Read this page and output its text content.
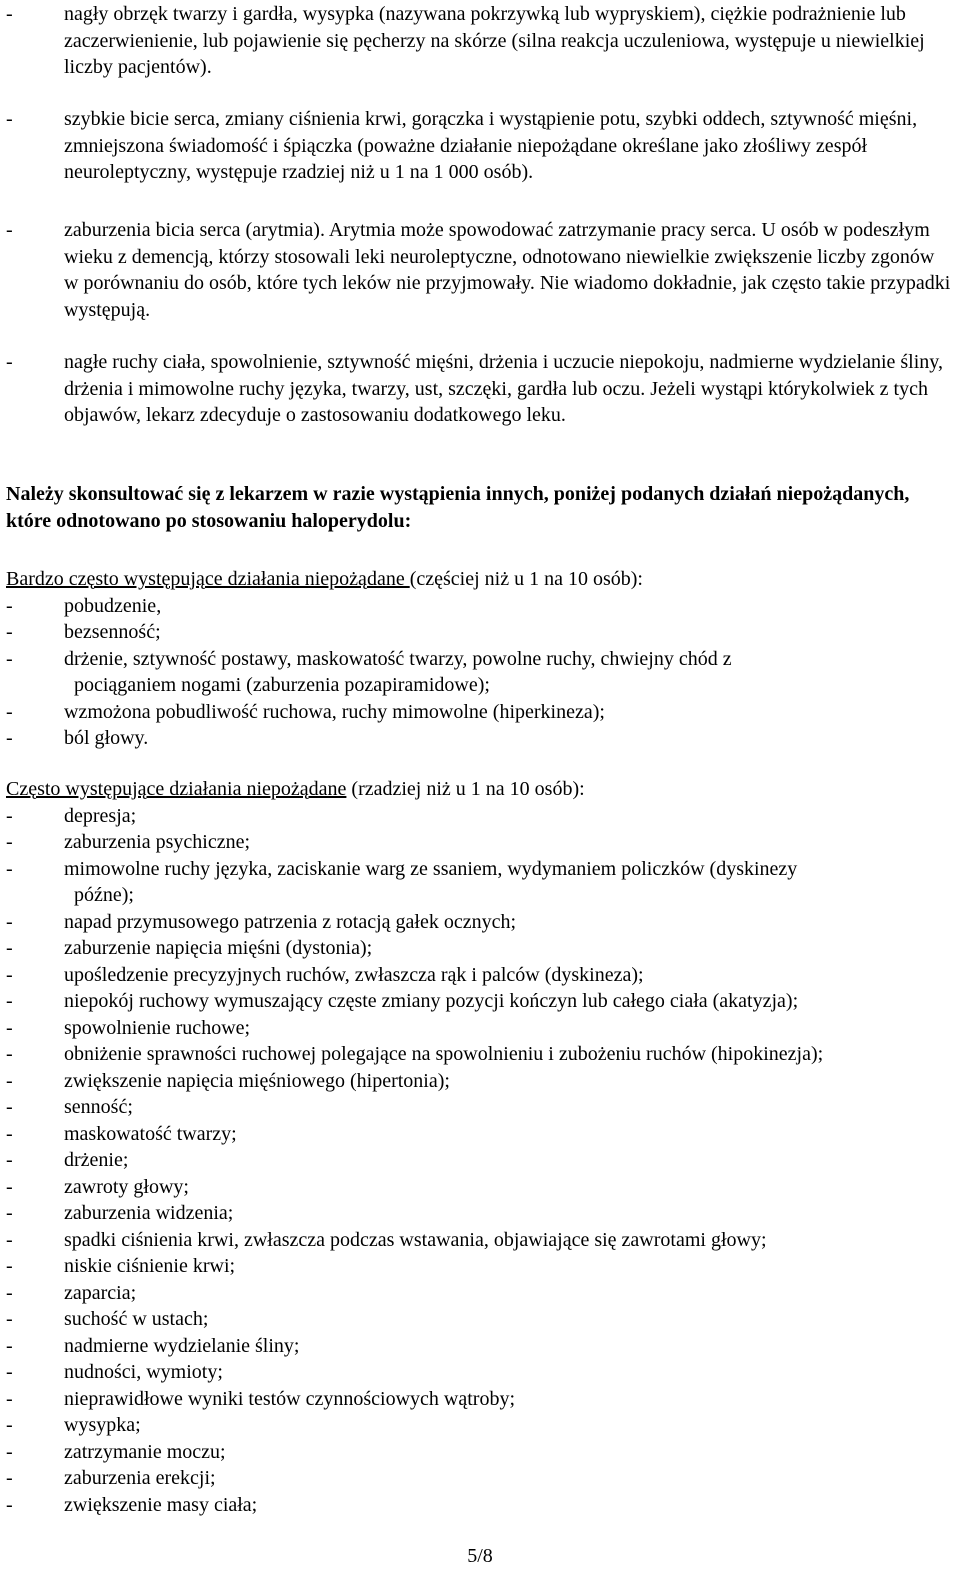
-	nagły obrzęk twarzy i gardła, wysypka (nazywana pokrzywką lub wypryskiem), ciężkie podrażnienie lub zaczerwienienie, lub pojawienie się pęcherzy na skórze (silna reakcja uczuleniowa, występuje u niewielkiej liczby pacjentów).
-	szybkie bicie serca, zmiany ciśnienia krwi, gorączka i wystąpienie potu, szybki oddech, sztywność mięśni, zmniejszona świadomość i śpiączka (poważne działanie niepożądane określane jako złośliwy zespół neuroleptyczny, występuje rzadziej niż u 1 na 1 000 osób).
-	zaburzenia bicia serca (arytmia). Arytmia może spowodować zatrzymanie pracy serca. U osób w podeszłym wieku z demencją, którzy stosowali leki neuroleptyczne, odnotowano niewielkie zwiększenie liczby zgonów w porównaniu do osób, które tych leków nie przyjmowały. Nie wiadomo dokładnie, jak często takie przypadki występują.
-	nagłe ruchy ciała, spowolnienie, sztywność mięśni, drżenia i uczucie niepokoju, nadmierne wydzielanie śliny, drżenia i mimowolne ruchy języka, twarzy, ust, szczęki, gardła lub oczu. Jeżeli wystąpi którykolwiek z tych objawów, lekarz zdecyduje o zastosowaniu dodatkowego leku.
Należy skonsultować się z lekarzem w razie wystąpienia innych, poniżej podanych działań niepożądanych, które odnotowano po stosowaniu haloperydolu:
Bardzo często występujące działania niepożądane (częściej niż u 1 na 10 osób):
-	pobudzenie,
-	bezsenność;
-	drżenie, sztywność postawy, maskowatość twarzy, powolne ruchy, chwiejny chód z
pociąganiem nogami (zaburzenia pozapiramidowe);
-	wzmożona pobudliwość ruchowa, ruchy mimowolne (hiperkineza);
-	ból głowy.
Często występujące działania niepożądane (rzadziej niż u 1 na 10 osób):
-	depresja;
-	zaburzenia psychiczne;
-	mimowolne ruchy języka, zaciskanie warg ze ssaniem, wydymaniem policzków (dyskinezy
późne);
-	napad przymusowego patrzenia z rotacją gałek ocznych;
-	zaburzenie napięcia mięśni (dystonia);
-	upośledzenie precyzyjnych ruchów, zwłaszcza rąk i palców (dyskineza);
-	niepokój ruchowy wymuszający częste zmiany pozycji kończyn lub całego ciała (akatyzja);
-	spowolnienie ruchowe;
-	obniżenie sprawności ruchowej polegające na spowolnieniu i zubożeniu ruchów (hipokinezja);
-	zwiększenie napięcia mięśniowego (hipertonia);
-	senność;
-	maskowatość twarzy;
-	drżenie;
-	zawroty głowy;
-	zaburzenia widzenia;
-	spadki ciśnienia krwi, zwłaszcza podczas wstawania, objawiające się zawrotami głowy;
-	niskie ciśnienie krwi;
-	zaparcia;
-	suchość w ustach;
-	nadmierne wydzielanie śliny;
-	nudności, wymioty;
-	nieprawidłowe wyniki testów czynnościowych wątroby;
-	wysypka;
-	zatrzymanie moczu;
-	zaburzenia erekcji;
-	zwiększenie masy ciała;
5/8
